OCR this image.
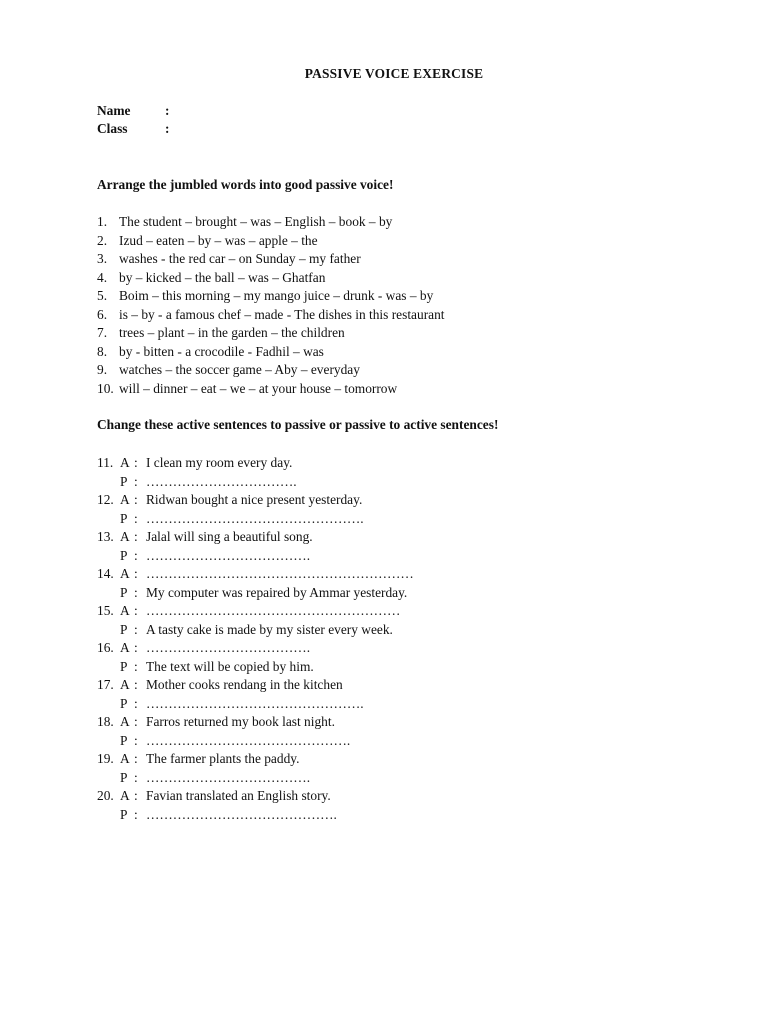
PASSIVE VOICE EXERCISE
Name	:
Class	:
Arrange the jumbled words into good passive voice!
1. The student – brought – was – English – book – by
2. Izud – eaten – by – was – apple – the
3. washes - the red car – on Sunday – my father
4. by – kicked – the ball – was – Ghatfan
5. Boim – this morning – my mango juice – drunk - was – by
6. is – by - a famous chef – made - The dishes in this restaurant
7. trees – plant – in the garden – the children
8. by - bitten - a crocodile - Fadhil – was
9. watches – the soccer game – Aby – everyday
10. will – dinner – eat – we – at your house – tomorrow
Change these active sentences to passive or passive to active sentences!
11. A : I clean my room every day.
P : …………………………….
12. A : Ridwan bought a nice present yesterday.
P : ………………………………………….
13. A : Jalal will sing a beautiful song.
P : ……………………………….
14. A : ……………………………………………………
P : My computer was repaired by Ammar yesterday.
15. A : …………………………………………………
P : A tasty cake is made by my sister every week.
16. A : ……………………………….
P : The text will be copied by him.
17. A : Mother cooks rendang in the kitchen
P : ………………………………………….
18. A : Farros returned my book last night.
P : ……………………………………….
19. A : The farmer plants the paddy.
P : ……………………………….
20. A : Favian translated an English story.
P : …………………………………….
